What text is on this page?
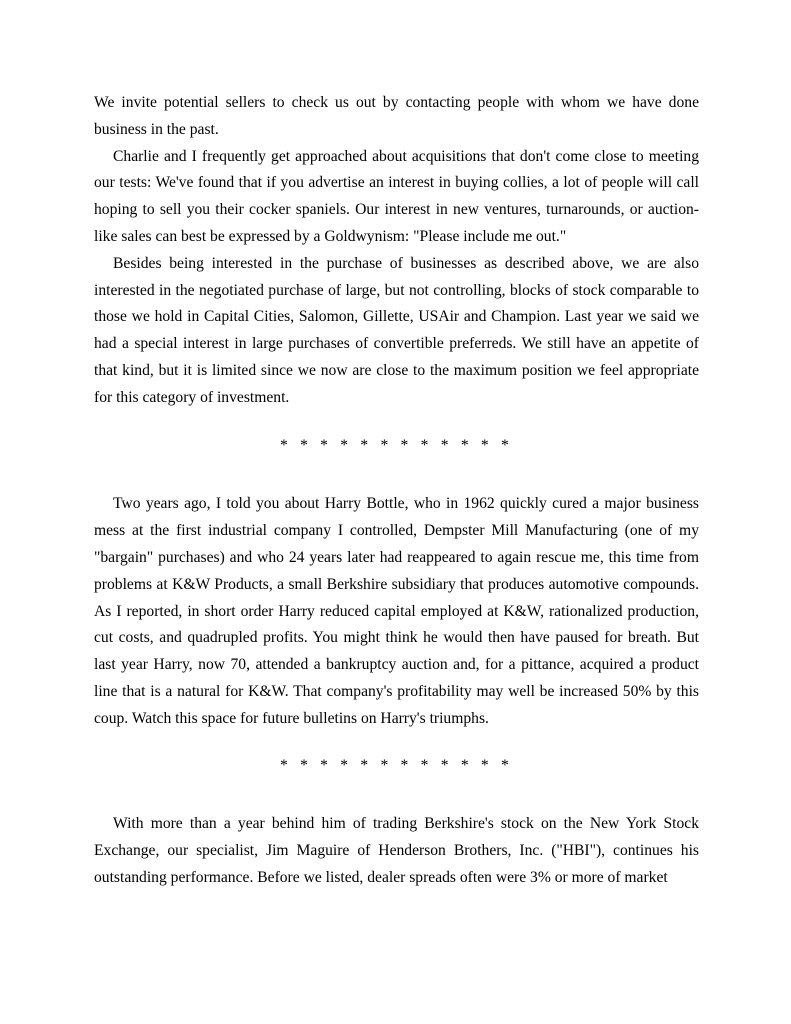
We invite potential sellers to check us out by contacting people with whom we have done business in the past.

Charlie and I frequently get approached about acquisitions that don't come close to meeting our tests: We've found that if you advertise an interest in buying collies, a lot of people will call hoping to sell you their cocker spaniels. Our interest in new ventures, turnarounds, or auction-like sales can best be expressed by a Goldwynism: "Please include me out."

Besides being interested in the purchase of businesses as described above, we are also interested in the negotiated purchase of large, but not controlling, blocks of stock comparable to those we hold in Capital Cities, Salomon, Gillette, USAir and Champion. Last year we said we had a special interest in large purchases of convertible preferreds. We still have an appetite of that kind, but it is limited since we now are close to the maximum position we feel appropriate for this category of investment.

* * * * * * * * * * * *

Two years ago, I told you about Harry Bottle, who in 1962 quickly cured a major business mess at the first industrial company I controlled, Dempster Mill Manufacturing (one of my "bargain" purchases) and who 24 years later had reappeared to again rescue me, this time from problems at K&W Products, a small Berkshire subsidiary that produces automotive compounds. As I reported, in short order Harry reduced capital employed at K&W, rationalized production, cut costs, and quadrupled profits. You might think he would then have paused for breath. But last year Harry, now 70, attended a bankruptcy auction and, for a pittance, acquired a product line that is a natural for K&W. That company's profitability may well be increased 50% by this coup. Watch this space for future bulletins on Harry's triumphs.

* * * * * * * * * * * *

With more than a year behind him of trading Berkshire's stock on the New York Stock Exchange, our specialist, Jim Maguire of Henderson Brothers, Inc. ("HBI"), continues his outstanding performance. Before we listed, dealer spreads often were 3% or more of market
